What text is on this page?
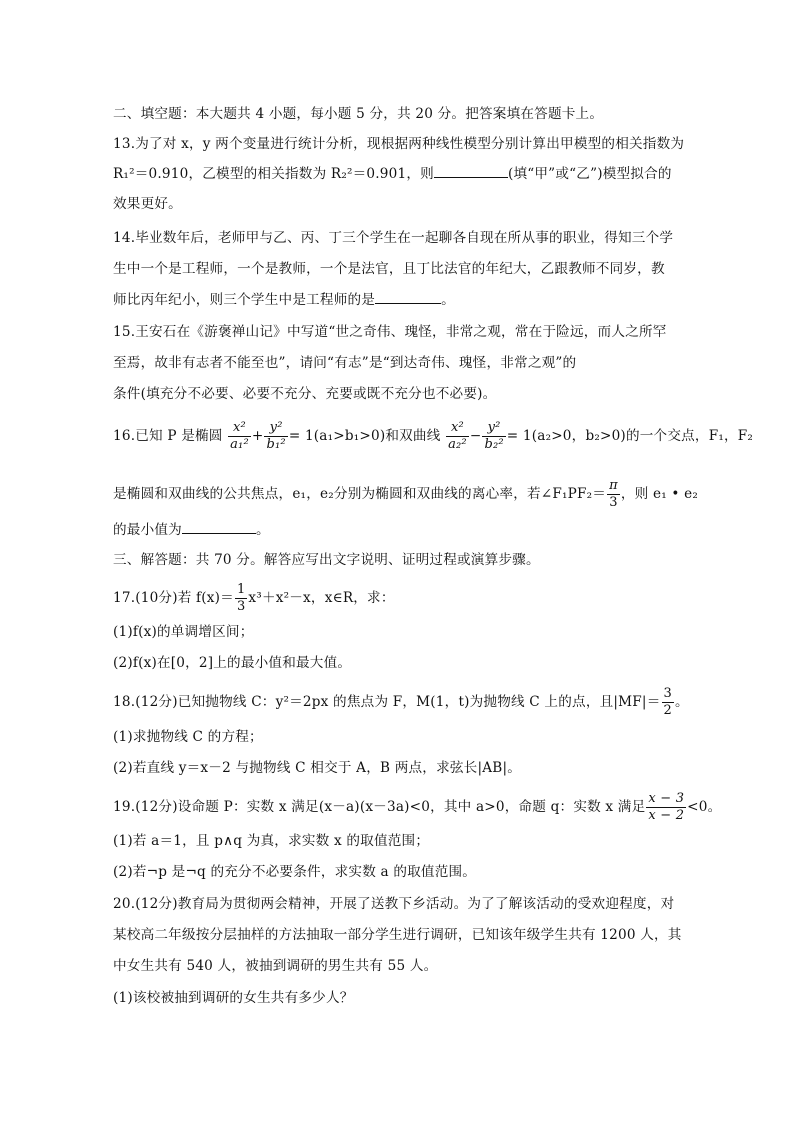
二、填空题：本大题共 4 小题，每小题 5 分，共 20 分。把答案填在答题卡上。
13.为了对 x，y 两个变量进行统计分析，现根据两种线性模型分别计算出甲模型的相关指数为
R₁²＝0.910，乙模型的相关指数为 R₂²＝0.901，则	(填“甲”或“乙”)模型拟合的
效果更好。
14.毕业数年后，老师甲与乙、丙、丁三个学生在一起聊各自现在所从事的职业，得知三个学
生中一个是工程师，一个是教师，一个是法官，且丁比法官的年纪大，乙跟教师不同岁，教
师比丙年纪小，则三个学生中是工程师的是	。
15.王安石在《游褒禅山记》中写道“世之奇伟、瑰怪，非常之观，常在于险远，而人之所罕
至焉，故非有志者不能至也”，请问“有志”是“到达奇伟、瑰怪，非常之观”的
条件(填充分不必要、必要不充分、充要或既不充分也不必要)。
16.已知 P 是椭圆 $\frac{\text{x²}}{\text{a₁²}} + \frac{\text{y²}}{\text{b₁²}} = 1(a_1>b_1>0)$和双曲线 $\frac{\text{x²}}{\text{a₂²}} - \frac{\text{y²}}{\text{b₂²}} = 1(a_2>0$，b₂>0)的一个交点，F₁，F₂
是椭圆和双曲线的公共焦点，e₁，e₂分别为椭圆和双曲线的离心率，若∠F₁PF₂＝ $\frac{\pi}{3}$ ，则 e₁ • e₂
的最小值为	。
三、解答题：共 70 分。解答应写出文字说明、证明过程或演算步骤。
17.(10分)若 $f(x)= \frac{1}{3} x^3+x^2-x$，x∈R，求：
(1)f(x)的单调增区间；
(2)f(x)在[0，2]上的最小值和最大值。
18.(12分)已知抛物线 C：y²＝2px 的焦点为 F，M(1，t)为抛物线 C 上的点，且$|MF|= \frac{3}{2}$ 。
(1)求抛物线 C 的方程；
(2)若直线 y＝x－2 与抛物线 C 相交于 A，B 两点，求弦长|AB|。
19.(12分)设命题 P：实数 x 满足(x－a)(x－3a)<0，其中 a>0，命题 q：实数 x 满足 $\frac{x - 3}{x - 2} <0$。
(1)若 a＝1，且 p∧q 为真，求实数 x 的取值范围；
(2)若¬p 是¬q 的充分不必要条件，求实数 a 的取值范围。
20.(12分)教育局为贯彻两会精神，开展了送教下乡活动。为了了解该活动的受欢迎程度，对
某校高二年级按分层抽样的方法抽取一部分学生进行调研，已知该年级学生共有 1200 人，其
中女生共有 540 人，被抽到调研的男生共有 55 人。
(1)该校被抽到调研的女生共有多少人？
